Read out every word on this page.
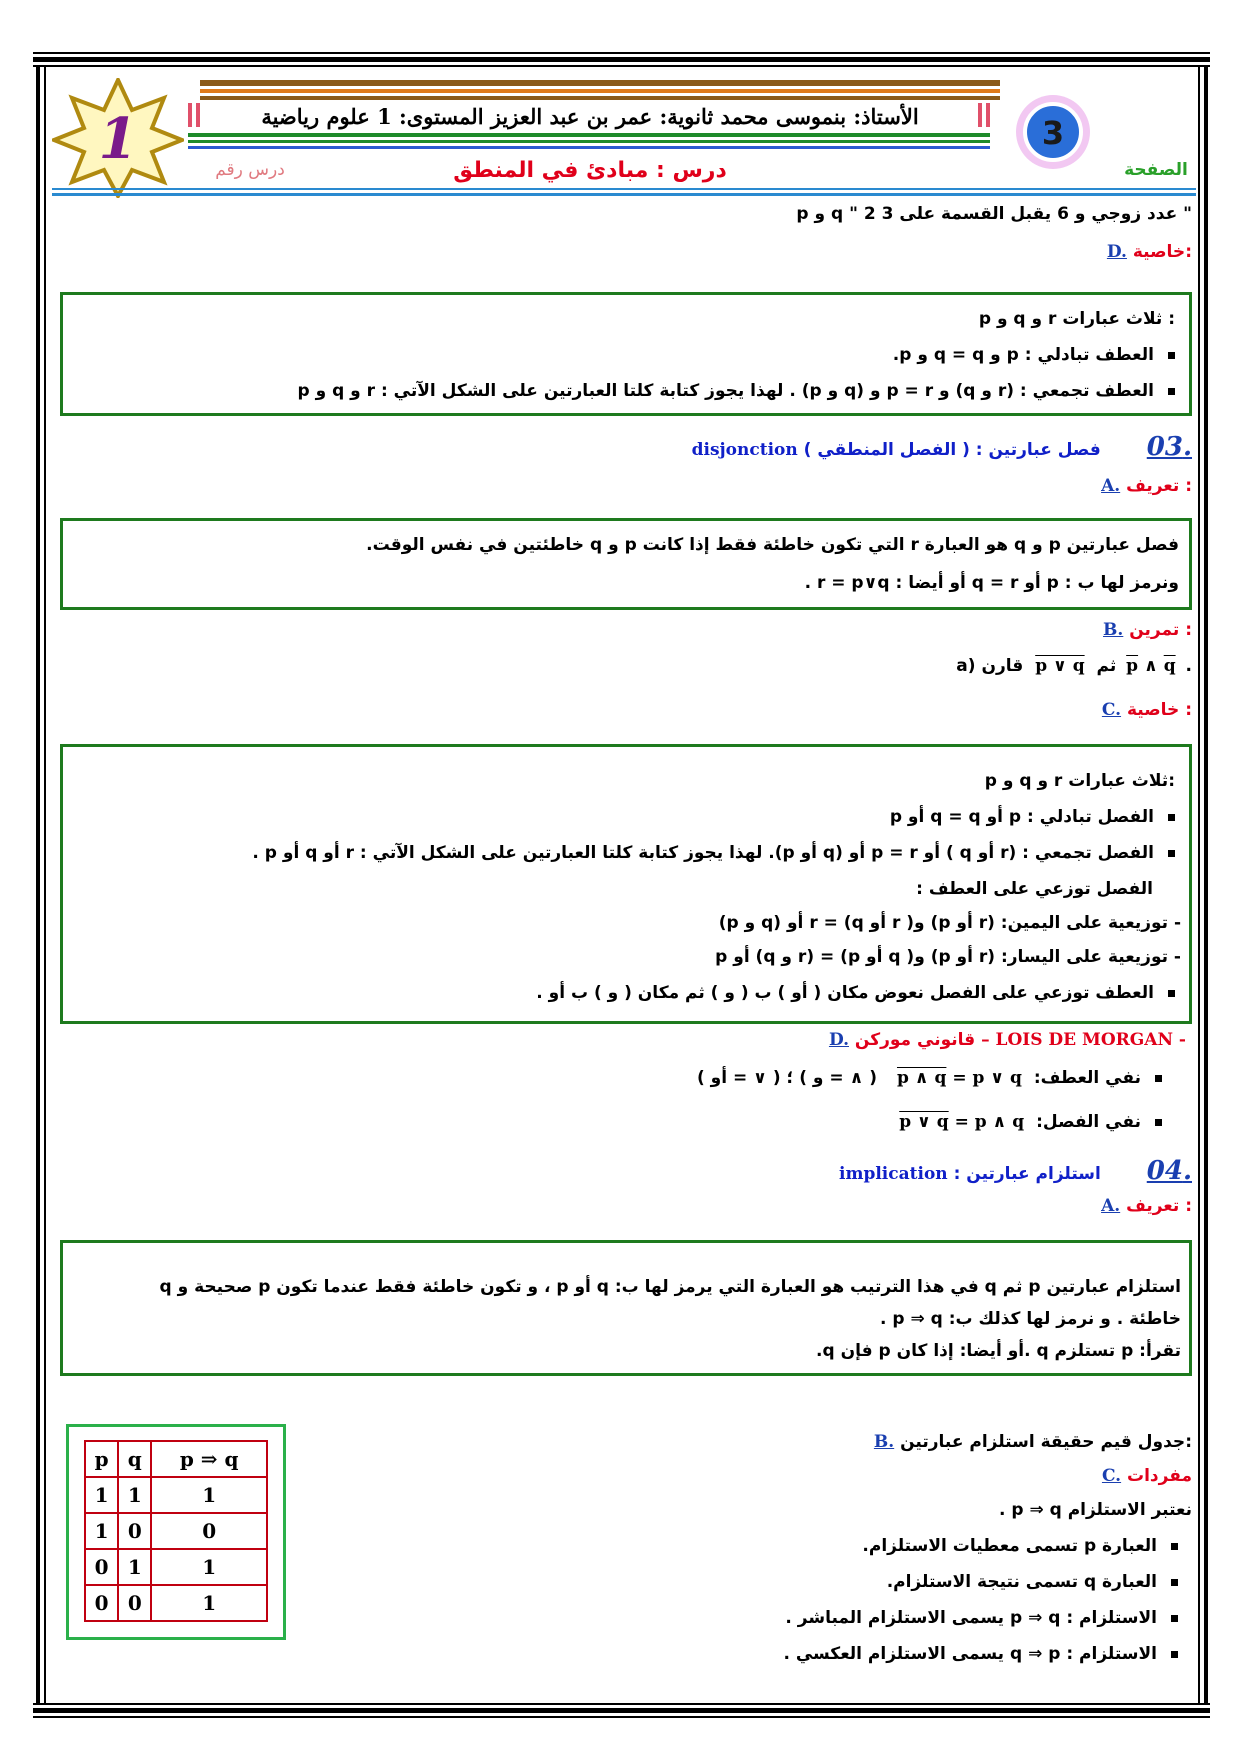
1	الأستاذ: بنموسى محمد ثانوية: عمر بن عبد العزيز المستوى: 1 علوم رياضية	3
الصفحة
درس رقم	درس : مبادئ في المنطق
p و q " 2 عدد زوجي و 6 يقبل القسمة على 3 "
D. خاصية:
p و q و r ثلاث عبارات :
العطف تبادلي : p و q = q و p.
العطف تجمعي : (r و q) و p = r و (q و p) . لهذا يجوز كتابة كلتا العبارتين على الشكل الآتي : r و q و p
.03 فصل عبارتين : ( الفصل المنطقي ) disjonction
A. تعريف :
فصل عبارتين p و q هو العبارة r التي تكون خاطئة فقط إذا كانت p و q خاطئتين في نفس الوقت.
ونرمز لها ب : p أو q = r أو أيضا : r = p∨q .
B. تمرين :
a) قارن p ∨ q ثم p ∧ q .
C. خاصية :
p و q و r ثلاث عبارات:
الفصل تبادلي : p أو q = q أو p
الفصل تجمعي : (r أو q ) أو p = r أو (q أو p). لهذا يجوز كتابة كلتا العبارتين على الشكل الآتي : r أو q أو p .
الفصل توزعي على العطف :
- توزيعية على اليمين: (r أو p) و( r أو q) = r أو (q و p)
- توزيعية على اليسار: (r أو p) و( q أو p) = (r و q) أو p
العطف توزعي على الفصل نعوض مكان ( أو ) ب ( و ) ثم مكان ( و ) ب أو .
D. قانوني موركن – LOIS DE MORGAN -
نفي العطف: p ∧ q = p ∨ q ( ∧ = و ) ؛ ( ∨ = أو )
نفي الفصل: p ∨ q = p ∧ q
.04 استلزام عبارتين : implication
A. تعريف :
استلزام عبارتين p ثم q في هذا الترتيب هو العبارة التي يرمز لها ب: q أو p ، و تكون خاطئة فقط عندما تكون p صحيحة و q
خاطئة . و نرمز لها كذلك ب: p ⇒ q .
تقرأ: p تستلزم q .أو أيضا: إذا كان p فإن q.
B. جدول قيم حقيقة استلزام عبارتين:
C. مفردات
نعتبر الاستلزام p ⇒ q .
العبارة p تسمى معطيات الاستلزام.
العبارة q تسمى نتيجة الاستلزام.
الاستلزام : p ⇒ q يسمى الاستلزام المباشر .
الاستلزام : q ⇒ p يسمى الاستلزام العكسي .
p	q	p ⇒ q
1	1	1
1	0	0
0	1	1
0	0	1
